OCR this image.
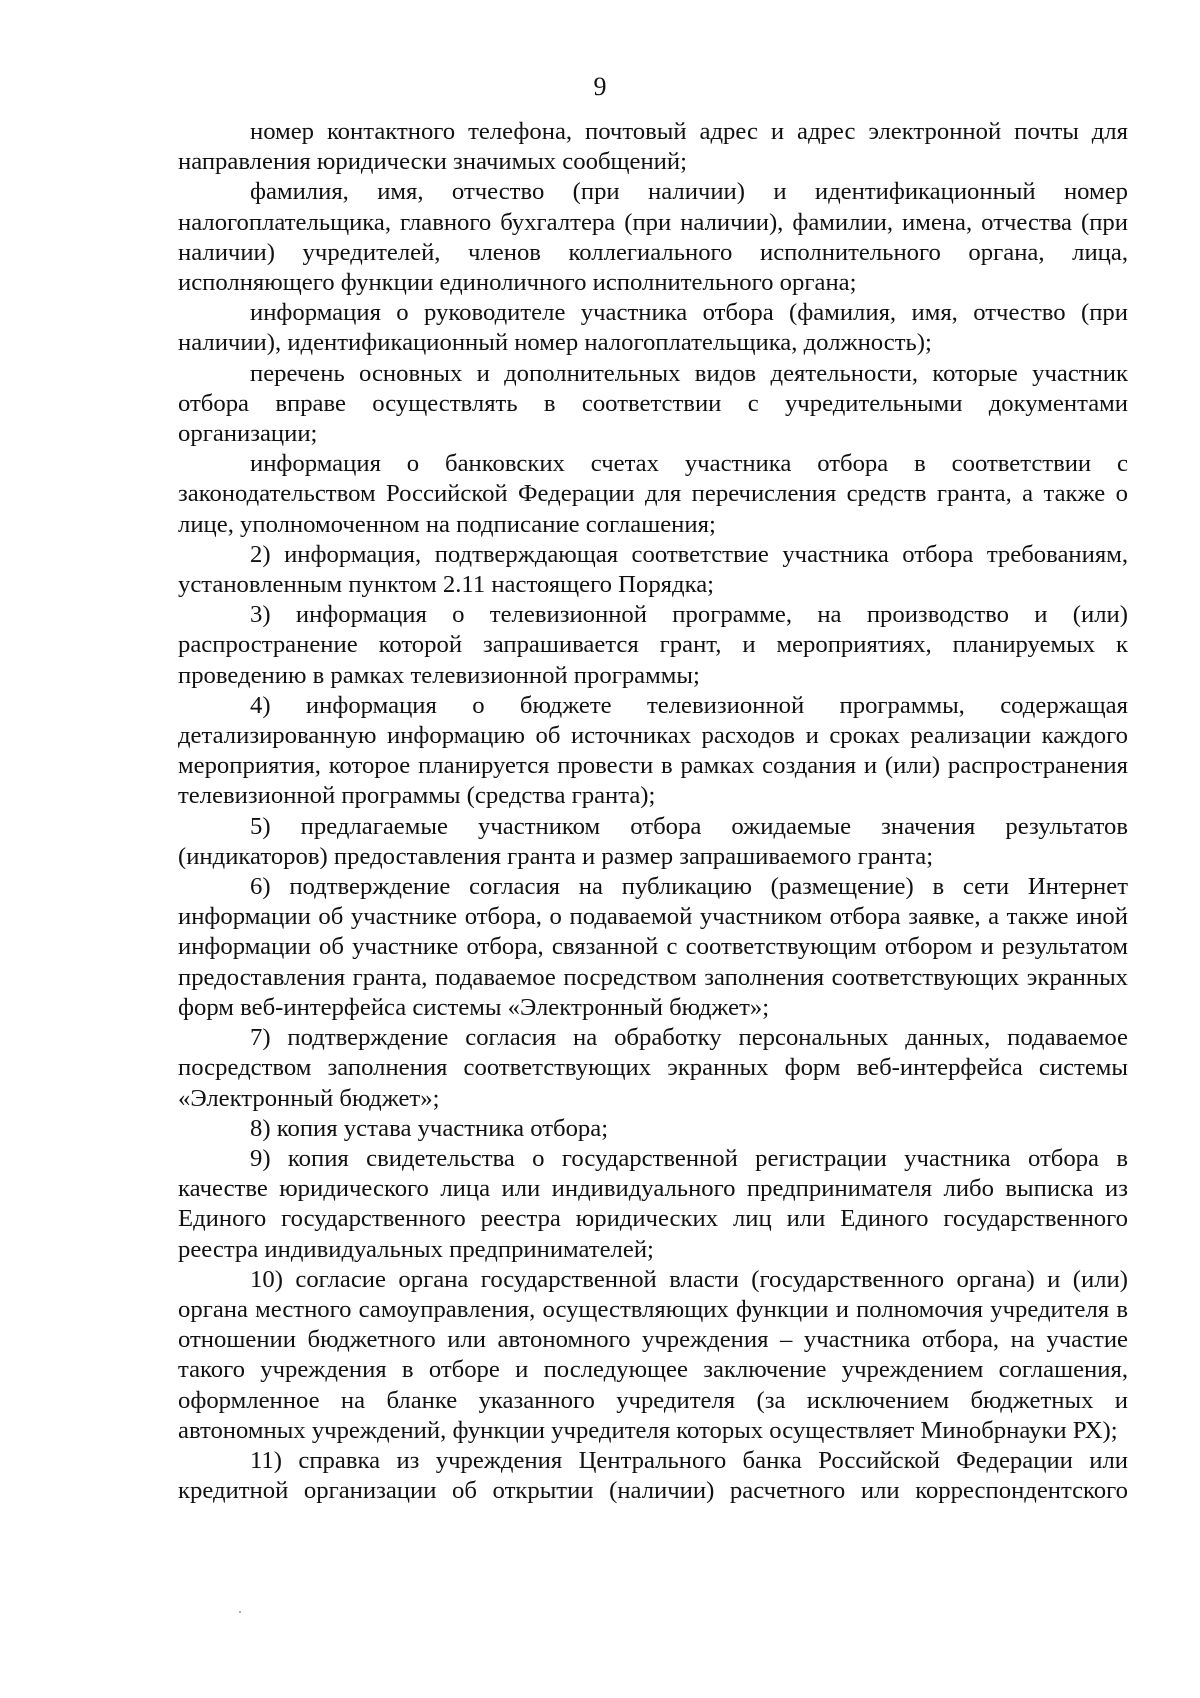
9

номер контактного телефона, почтовый адрес и адрес электронной почты для направления юридически значимых сообщений;

фамилия, имя, отчество (при наличии) и идентификационный номер налогоплательщика, главного бухгалтера (при наличии), фамилии, имена, отчества (при наличии) учредителей, членов коллегиального исполнительного органа, лица, исполняющего функции единоличного исполнительного органа;

информация о руководителе участника отбора (фамилия, имя, отчество (при наличии), идентификационный номер налогоплательщика, должность);

перечень основных и дополнительных видов деятельности, которые участник отбора вправе осуществлять в соответствии с учредительными документами организации;

информация о банковских счетах участника отбора в соответствии с законодательством Российской Федерации для перечисления средств гранта, а также о лице, уполномоченном на подписание соглашения;

2) информация, подтверждающая соответствие участника отбора требованиям, установленным пунктом 2.11 настоящего Порядка;

3) информация о телевизионной программе, на производство и (или) распространение которой запрашивается грант, и мероприятиях, планируемых к проведению в рамках телевизионной программы;

4) информация о бюджете телевизионной программы, содержащая детализированную информацию об источниках расходов и сроках реализации каждого мероприятия, которое планируется провести в рамках создания и (или) распространения телевизионной программы (средства гранта);

5) предлагаемые участником отбора ожидаемые значения результатов (индикаторов) предоставления гранта и размер запрашиваемого гранта;

6) подтверждение согласия на публикацию (размещение) в сети Интернет информации об участнике отбора, о подаваемой участником отбора заявке, а также иной информации об участнике отбора, связанной с соответствующим отбором и результатом предоставления гранта, подаваемое посредством заполнения соответствующих экранных форм веб-интерфейса системы «Электронный бюджет»;

7) подтверждение согласия на обработку персональных данных, подаваемое посредством заполнения соответствующих экранных форм веб-интерфейса системы «Электронный бюджет»;

8) копия устава участника отбора;

9) копия свидетельства о государственной регистрации участника отбора в качестве юридического лица или индивидуального предпринимателя либо выписка из Единого государственного реестра юридических лиц или Единого государственного реестра индивидуальных предпринимателей;

10) согласие органа государственной власти (государственного органа) и (или) органа местного самоуправления, осуществляющих функции и полномочия учредителя в отношении бюджетного или автономного учреждения – участника отбора, на участие такого учреждения в отборе и последующее заключение учреждением соглашения, оформленное на бланке указанного учредителя (за исключением бюджетных и автономных учреждений, функции учредителя которых осуществляет Минобрнауки РХ);

11) справка из учреждения Центрального банка Российской Федерации или кредитной организации об открытии (наличии) расчетного или корреспондентского
